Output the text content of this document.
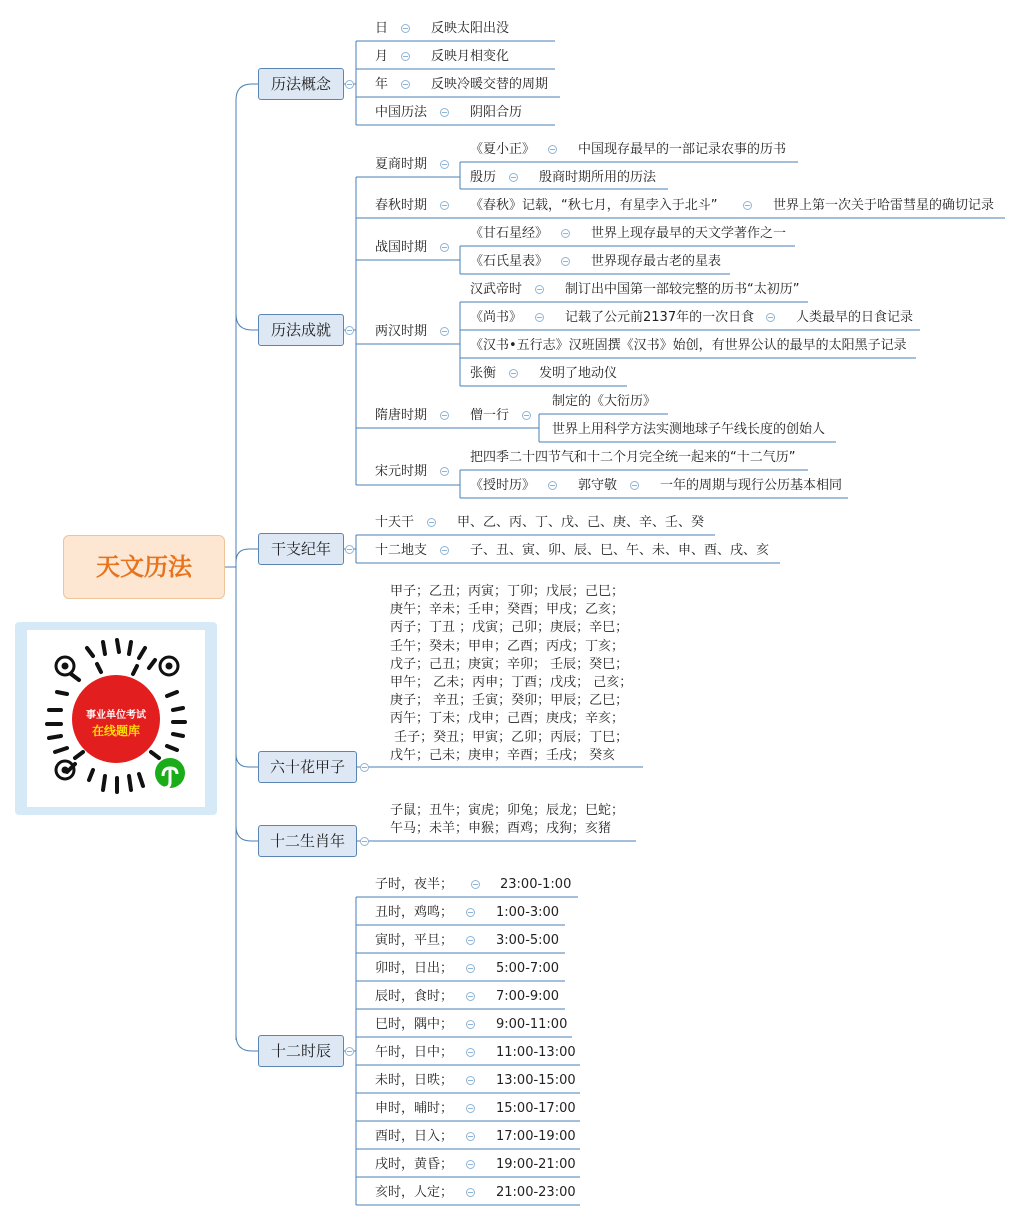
天文历法
事业单位考试
在线题库
历法概念
历法成就
干支纪年
六十花甲子
十二生肖年
十二时辰
日	反映太阳出没
月	反映月相变化
年	反映冷暖交替的周期
中国历法	阴阳合历
夏商时期
《夏小正》	中国现存最早的一部记录农事的历书
殷历	殷商时期所用的历法
春秋时期	《春秋》记载，“秋七月，有星孛入于北斗”	世界上第一次关于哈雷彗星的确切记录
战国时期
《甘石星经》	世界上现存最早的天文学著作之一
《石氏星表》	世界现存最古老的星表
两汉时期
汉武帝时	制订出中国第一部较完整的历书“太初历”
《尚书》	记载了公元前2137年的一次日食	人类最早的日食记录
《汉书•五行志》汉班固撰《汉书》始创，有世界公认的最早的太阳黑子记录
张衡	发明了地动仪
隋唐时期	僧一行
制定的《大衍历》
世界上用科学方法实测地球子午线长度的创始人
宋元时期
把四季二十四节气和十二个月完全统一起来的“十二气历”
《授时历》	郭守敬	一年的周期与现行公历基本相同
十天干	甲、乙、丙、丁、戊、己、庚、辛、壬、癸
十二地支	子、丑、寅、卯、辰、巳、午、未、申、酉、戌、亥
甲子；乙丑；丙寅；丁卯；戊辰；己巳；
庚午；辛未；壬申；癸酉；甲戌；乙亥；
丙子；丁丑 ；戊寅；己卯；庚辰；辛巳；
壬午；癸未；甲申；乙酉；丙戌；丁亥；
戊子；己丑；庚寅；辛卯； 壬辰；癸巳；
甲午； 乙未；丙申；丁酉；戊戌； 己亥；
庚子； 辛丑；壬寅；癸卯；甲辰；乙巳；
丙午；丁未；戊申；己酉；庚戌；辛亥；
壬子；癸丑；甲寅；乙卯；丙辰；丁巳；
戊午；己未；庚申；辛酉；壬戌； 癸亥
子鼠；丑牛；寅虎；卯兔；辰龙；巳蛇；
午马；未羊；申猴；酉鸡；戌狗；亥猪
子时，夜半；	23:00-1:00
丑时，鸡鸣；	1:00-3:00
寅时，平旦；	3:00-5:00
卯时，日出；	5:00-7:00
辰时，食时；	7:00-9:00
巳时，隅中；	9:00-11:00
午时，日中；	11:00-13:00
未时，日昳；	13:00-15:00
申时，晡时；	15:00-17:00
酉时，日入；	17:00-19:00
戌时，黄昏；	19:00-21:00
亥时，人定；	21:00-23:00
